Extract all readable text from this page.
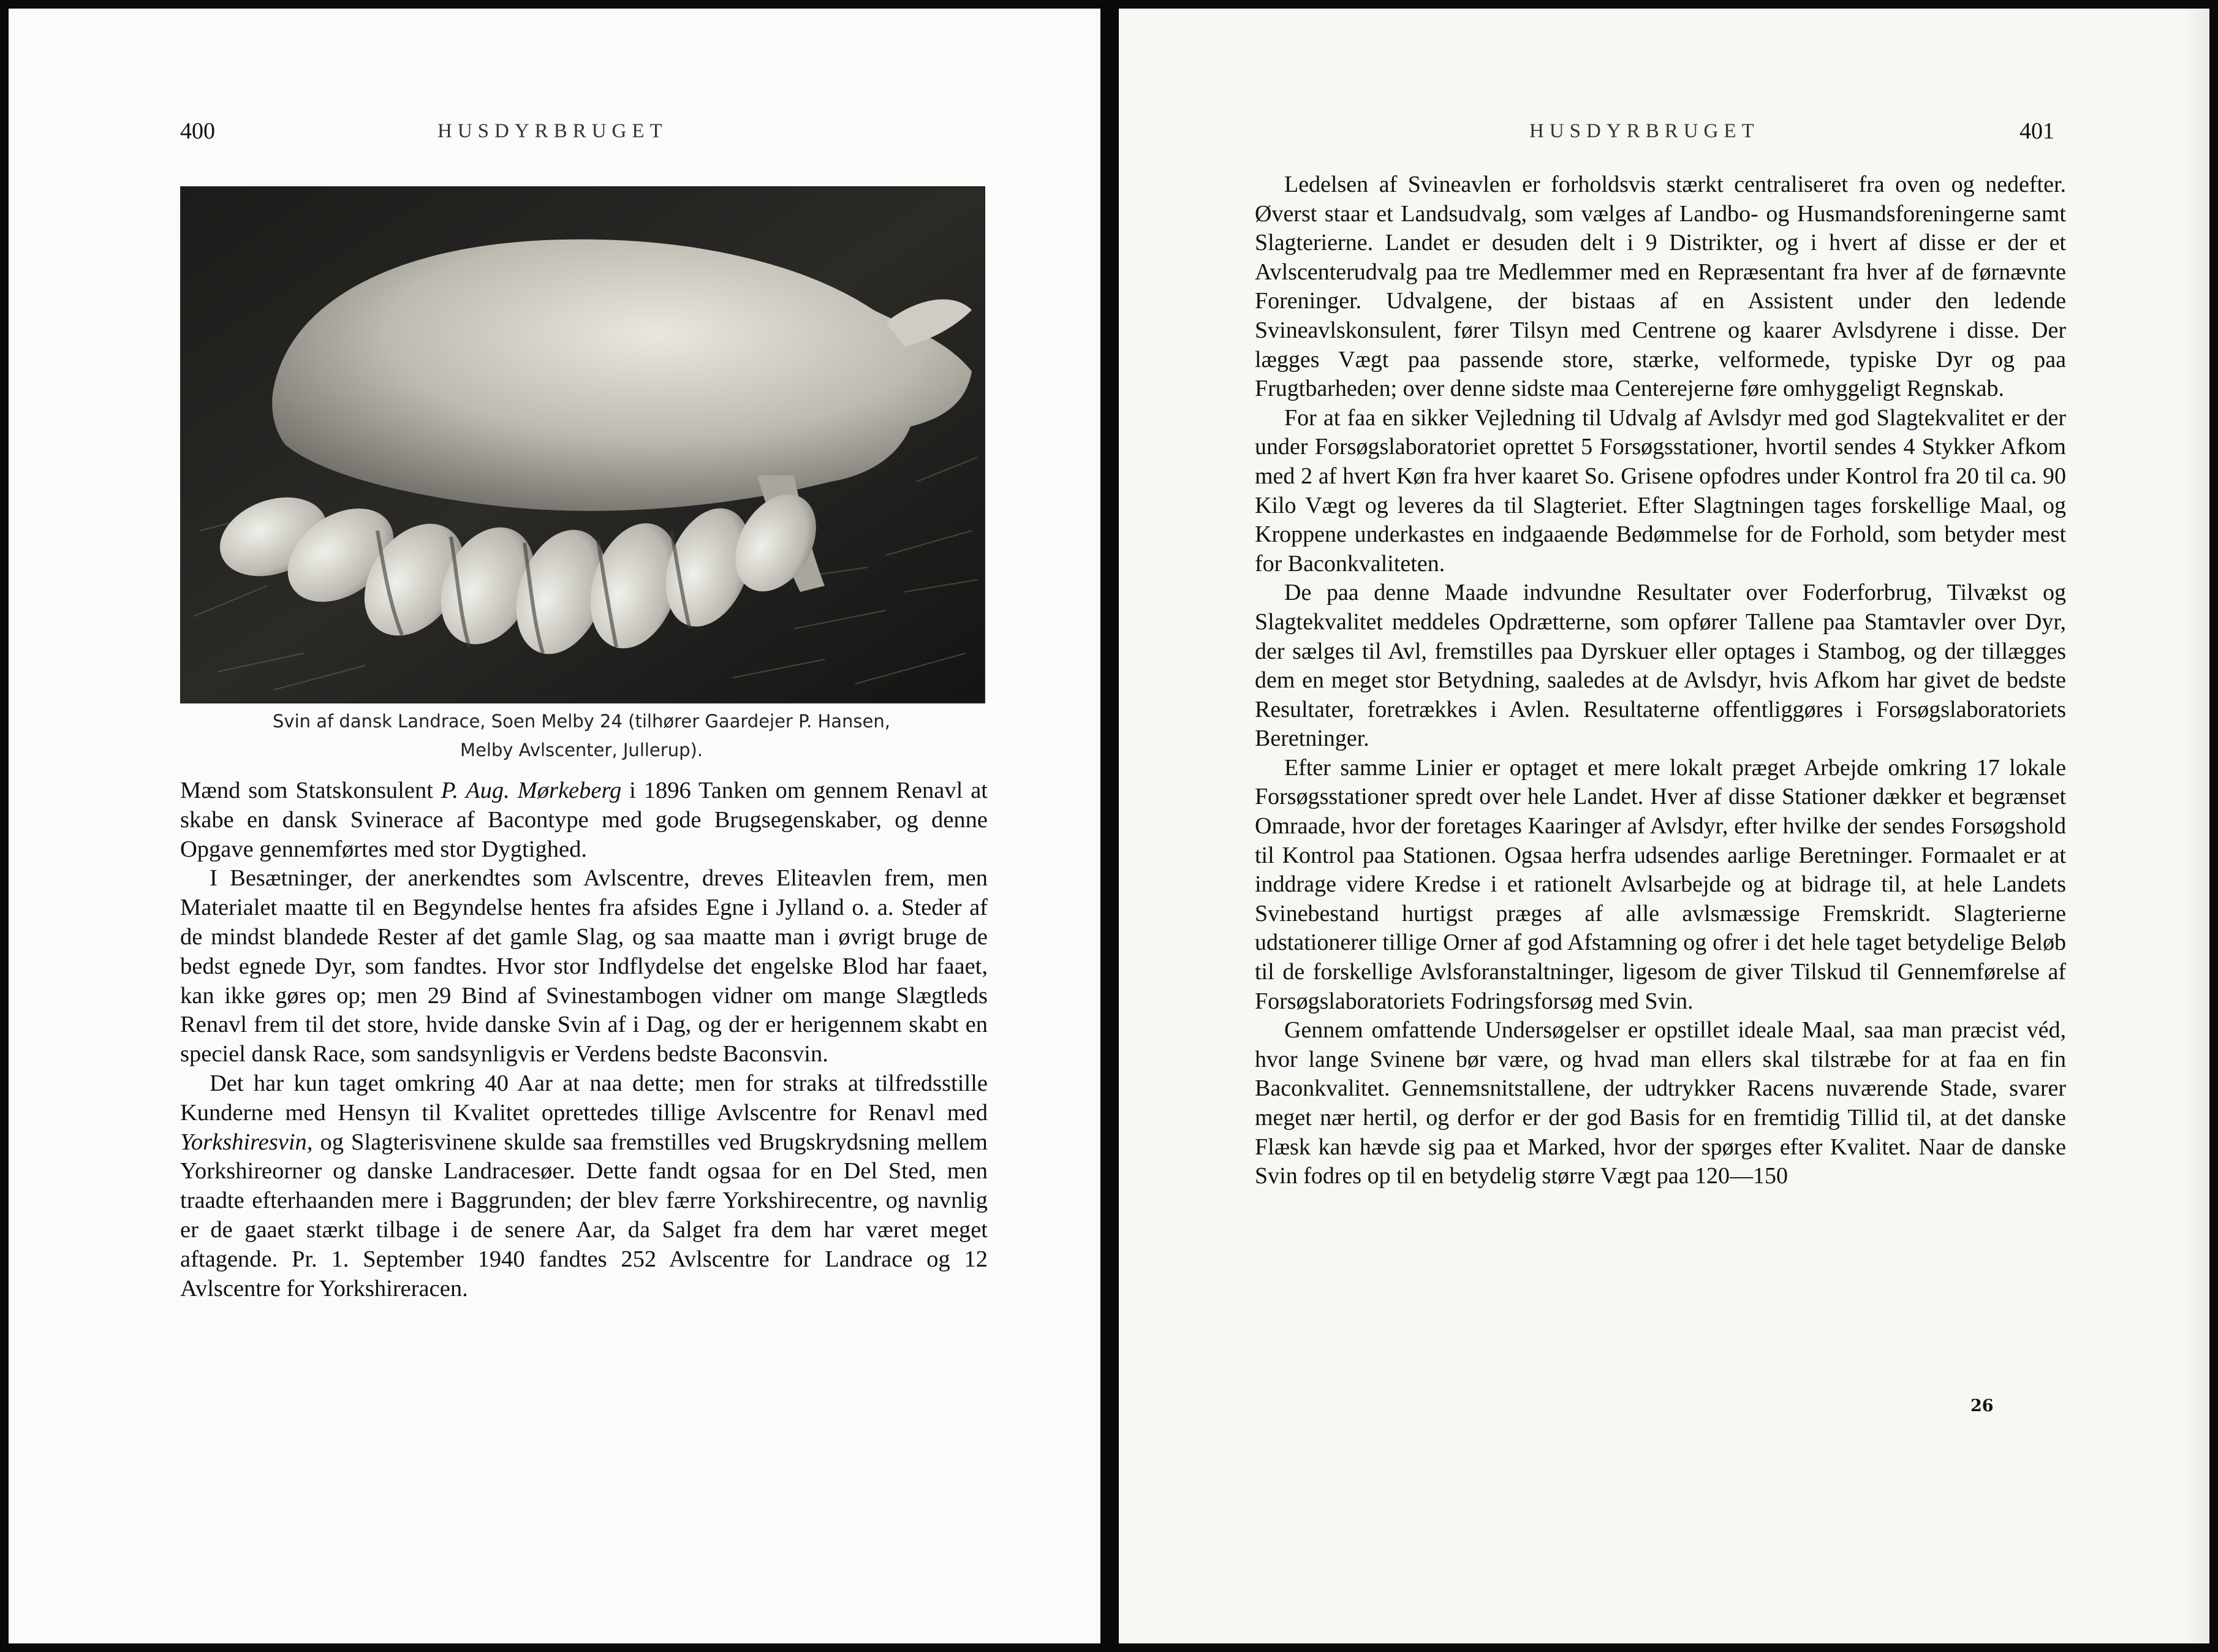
400	HUSDYRBRUGET
Svin af dansk Landrace, Soen Melby 24 (tilhører Gaardejer P. Hansen,
Melby Avlscenter, Jullerup).

Mænd som Statskonsulent P. Aug. Mørkeberg i 1896 Tanken om gennem Renavl at skabe en dansk Svinerace af Bacontype med gode Brugsegenskaber, og denne Opgave gennemførtes med stor Dygtighed.

I Besætninger, der anerkendtes som Avlscentre, dreves Eliteavlen frem, men Materialet maatte til en Begyndelse hentes fra afsides Egne i Jylland o. a. Steder af de mindst blandede Rester af det gamle Slag, og saa maatte man i øvrigt bruge de bedst egnede Dyr, som fandtes. Hvor stor Indflydelse det engelske Blod har faaet, kan ikke gøres op; men 29 Bind af Svinestambogen vidner om mange Slægtleds Renavl frem til det store, hvide danske Svin af i Dag, og der er herigennem skabt en speciel dansk Race, som sandsynligvis er Verdens bedste Baconsvin.

Det har kun taget omkring 40 Aar at naa dette; men for straks at tilfredsstille Kunderne med Hensyn til Kvalitet oprettedes tillige Avlscentre for Renavl med Yorkshiresvin, og Slagterisvinene skulde saa fremstilles ved Brugskrydsning mellem Yorkshireorner og danske Landracesøer. Dette fandt ogsaa for en Del Sted, men traadte efterhaanden mere i Baggrunden; der blev færre Yorkshirecentre, og navnlig er de gaaet stærkt tilbage i de senere Aar, da Salget fra dem har været meget aftagende. Pr. 1. September 1940 fandtes 252 Avlscentre for Landrace og 12 Avlscentre for Yorkshireracen.

HUSDYRBRUGET	401

Ledelsen af Svineavlen er forholdsvis stærkt centraliseret fra oven og nedefter. Øverst staar et Landsudvalg, som vælges af Landbo- og Husmandsforeningerne samt Slagterierne. Landet er desuden delt i 9 Distrikter, og i hvert af disse er der et Avlscenterudvalg paa tre Medlemmer med en Repræsentant fra hver af de førnævnte Foreninger. Udvalgene, der bistaas af en Assistent under den ledende Svineavlskonsulent, fører Tilsyn med Centrene og kaarer Avlsdyrene i disse. Der lægges Vægt paa passende store, stærke, velformede, typiske Dyr og paa Frugtbarheden; over denne sidste maa Centerejerne føre omhyggeligt Regnskab.

For at faa en sikker Vejledning til Udvalg af Avlsdyr med god Slagtekvalitet er der under Forsøgslaboratoriet oprettet 5 Forsøgsstationer, hvortil sendes 4 Stykker Afkom med 2 af hvert Køn fra hver kaaret So. Grisene opfodres under Kontrol fra 20 til ca. 90 Kilo Vægt og leveres da til Slagteriet. Efter Slagtningen tages forskellige Maal, og Kroppene underkastes en indgaaende Bedømmelse for de Forhold, som betyder mest for Baconkvaliteten.

De paa denne Maade indvundne Resultater over Foderforbrug, Tilvækst og Slagtekvalitet meddeles Opdrætterne, som opfører Tallene paa Stamtavler over Dyr, der sælges til Avl, fremstilles paa Dyrskuer eller optages i Stambog, og der tillægges dem en meget stor Betydning, saaledes at de Avlsdyr, hvis Afkom har givet de bedste Resultater, foretrækkes i Avlen. Resultaterne offentliggøres i Forsøgslaboratoriets Beretninger.

Efter samme Linier er optaget et mere lokalt præget Arbejde omkring 17 lokale Forsøgsstationer spredt over hele Landet. Hver af disse Stationer dækker et begrænset Omraade, hvor der foretages Kaaringer af Avlsdyr, efter hvilke der sendes Forsøgshold til Kontrol paa Stationen. Ogsaa herfra udsendes aarlige Beretninger. Formaalet er at inddrage videre Kredse i et rationelt Avlsarbejde og at bidrage til, at hele Landets Svinebestand hurtigst præges af alle avlsmæssige Fremskridt. Slagterierne udstationerer tillige Orner af god Afstamning og ofrer i det hele taget betydelige Beløb til de forskellige Avlsforanstaltninger, ligesom de giver Tilskud til Gennemførelse af Forsøgslaboratoriets Fodringsforsøg med Svin.

Gennem omfattende Undersøgelser er opstillet ideale Maal, saa man præcist véd, hvor lange Svinene bør være, og hvad man ellers skal tilstræbe for at faa en fin Baconkvalitet. Gennemsnitstallene, der udtrykker Racens nuværende Stade, svarer meget nær hertil, og derfor er der god Basis for en fremtidig Tillid til, at det danske Flæsk kan hævde sig paa et Marked, hvor der spørges efter Kvalitet. Naar de danske Svin fodres op til en betydelig større Vægt paa 120—150

26
